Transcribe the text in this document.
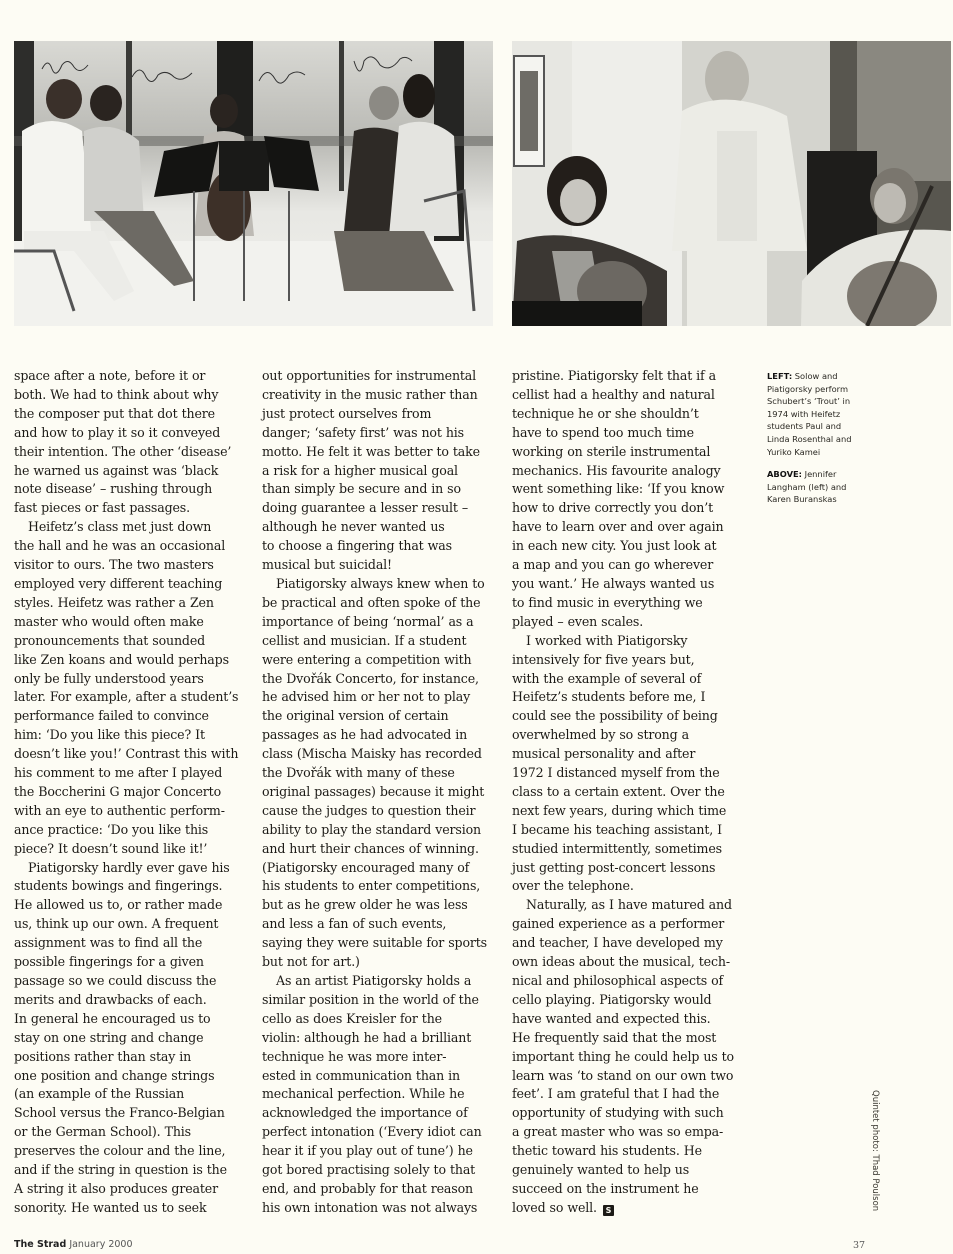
space after a note, before it or
both. We had to think about why
the composer put that dot there
and how to play it so it conveyed
their intention. The other ‘disease’
he warned us against was ‘black
note disease’ – rushing through
fast pieces or fast passages.

Heifetz’s class met just down
the hall and he was an occasional
visitor to ours. The two masters
employed very different teaching
styles. Heifetz was rather a Zen
master who would often make
pronouncements that sounded
like Zen koans and would perhaps
only be fully understood years
later. For example, after a student’s
performance failed to convince
him: ‘Do you like this piece? It
doesn’t like you!’ Contrast this with
his comment to me after I played
the Boccherini G major Concerto
with an eye to authentic perform-
ance practice: ‘Do you like this
piece? It doesn’t sound like it!’

Piatigorsky hardly ever gave his
students bowings and fingerings.
He allowed us to, or rather made
us, think up our own. A frequent
assignment was to find all the
possible fingerings for a given
passage so we could discuss the
merits and drawbacks of each.
In general he encouraged us to
stay on one string and change
positions rather than stay in
one position and change strings
(an example of the Russian
School versus the Franco-Belgian
or the German School). This
preserves the colour and the line,
and if the string in question is the
A string it also produces greater
sonority. He wanted us to seek

out opportunities for instrumental
creativity in the music rather than
just protect ourselves from
danger; ‘safety first’ was not his
motto. He felt it was better to take
a risk for a higher musical goal
than simply be secure and in so
doing guarantee a lesser result –
although he never wanted us
to choose a fingering that was
musical but suicidal!

Piatigorsky always knew when to
be practical and often spoke of the
importance of being ‘normal’ as a
cellist and musician. If a student
were entering a competition with
the Dvořák Concerto, for instance,
he advised him or her not to play
the original version of certain
passages as he had advocated in
class (Mischa Maisky has recorded
the Dvořák with many of these
original passages) because it might
cause the judges to question their
ability to play the standard version
and hurt their chances of winning.
(Piatigorsky encouraged many of
his students to enter competitions,
but as he grew older he was less
and less a fan of such events,
saying they were suitable for sports
but not for art.)

As an artist Piatigorsky holds a
similar position in the world of the
cello as does Kreisler for the
violin: although he had a brilliant
technique he was more inter-
ested in communication than in
mechanical perfection. While he
acknowledged the importance of
perfect intonation (‘Every idiot can
hear it if you play out of tune’) he
got bored practising solely to that
end, and probably for that reason
his own intonation was not always

pristine. Piatigorsky felt that if a
cellist had a healthy and natural
technique he or she shouldn’t
have to spend too much time
working on sterile instrumental
mechanics. His favourite analogy
went something like: ‘If you know
how to drive correctly you don’t
have to learn over and over again
in each new city. You just look at
a map and you can go wherever
you want.’ He always wanted us
to find music in everything we
played – even scales.

I worked with Piatigorsky
intensively for five years but,
with the example of several of
Heifetz’s students before me, I
could see the possibility of being
overwhelmed by so strong a
musical personality and after
1972 I distanced myself from the
class to a certain extent. Over the
next few years, during which time
I became his teaching assistant, I
studied intermittently, sometimes
just getting post-concert lessons
over the telephone.

Naturally, as I have matured and
gained experience as a performer
and teacher, I have developed my
own ideas about the musical, tech-
nical and philosophical aspects of
cello playing. Piatigorsky would
have wanted and expected this.
He frequently said that the most
important thing he could help us to
learn was ‘to stand on our own two
feet’. I am grateful that I had the
opportunity of studying with such
a great master who was so empa-
thetic toward his students. He
genuinely wanted to help us
succeed on the instrument he
loved so well. S

LEFT: Solow and Piatigorsky perform Schubert’s ‘Trout’ in 1974 with Heifetz students Paul and Linda Rosenthal and Yuriko Kamei

ABOVE: Jennifer Langham (left) and Karen Buranskas

Quintet photo: Thad Poulson
The Strad January 2000	37
